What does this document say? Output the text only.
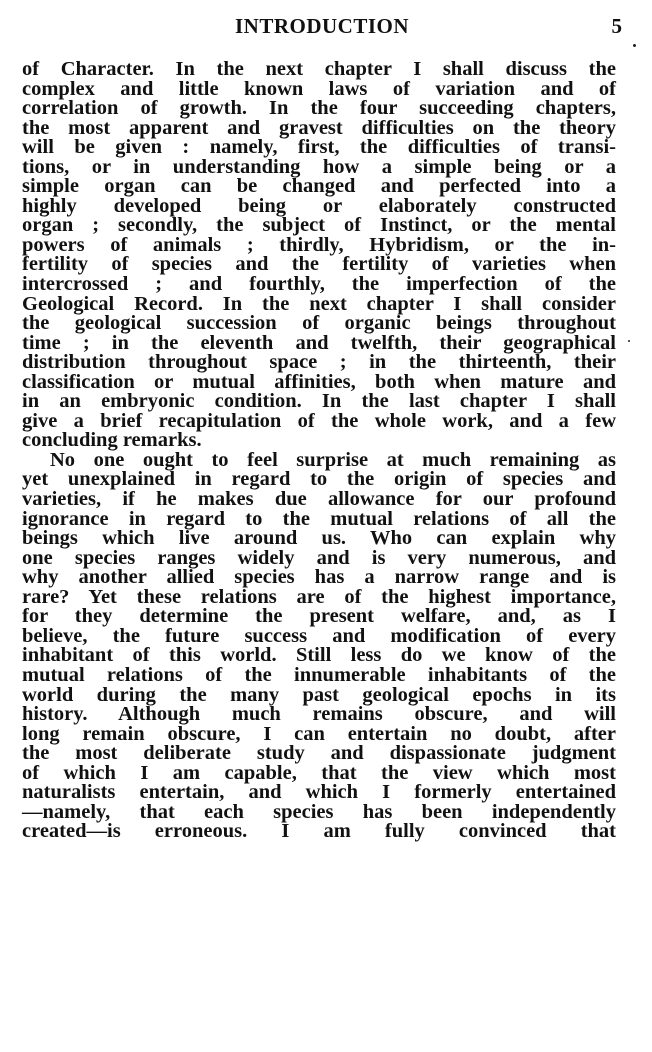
INTRODUCTION	5
of Character. In the next chapter I shall discuss the
complex and little known laws of variation and of
correlation of growth. In the four succeeding chapters,
the most apparent and gravest difficulties on the theory
will be given : namely, first, the difficulties of transi-
tions, or in understanding how a simple being or a
simple organ can be changed and perfected into a
highly developed being or elaborately constructed
organ ; secondly, the subject of Instinct, or the mental
powers of animals ; thirdly, Hybridism, or the in-
fertility of species and the fertility of varieties when
intercrossed ; and fourthly, the imperfection of the
Geological Record. In the next chapter I shall consider
the geological succession of organic beings throughout
time ; in the eleventh and twelfth, their geographical
distribution throughout space ; in the thirteenth, their
classification or mutual affinities, both when mature and
in an embryonic condition. In the last chapter I shall
give a brief recapitulation of the whole work, and a few
concluding remarks.
No one ought to feel surprise at much remaining as
yet unexplained in regard to the origin of species and
varieties, if he makes due allowance for our profound
ignorance in regard to the mutual relations of all the
beings which live around us. Who can explain why
one species ranges widely and is very numerous, and
why another allied species has a narrow range and is
rare? Yet these relations are of the highest importance,
for they determine the present welfare, and, as I
believe, the future success and modification of every
inhabitant of this world. Still less do we know of the
mutual relations of the innumerable inhabitants of the
world during the many past geological epochs in its
history. Although much remains obscure, and will
long remain obscure, I can entertain no doubt, after
the most deliberate study and dispassionate judgment
of which I am capable, that the view which most
naturalists entertain, and which I formerly entertained
—namely, that each species has been independently
created—is erroneous. I am fully convinced that
